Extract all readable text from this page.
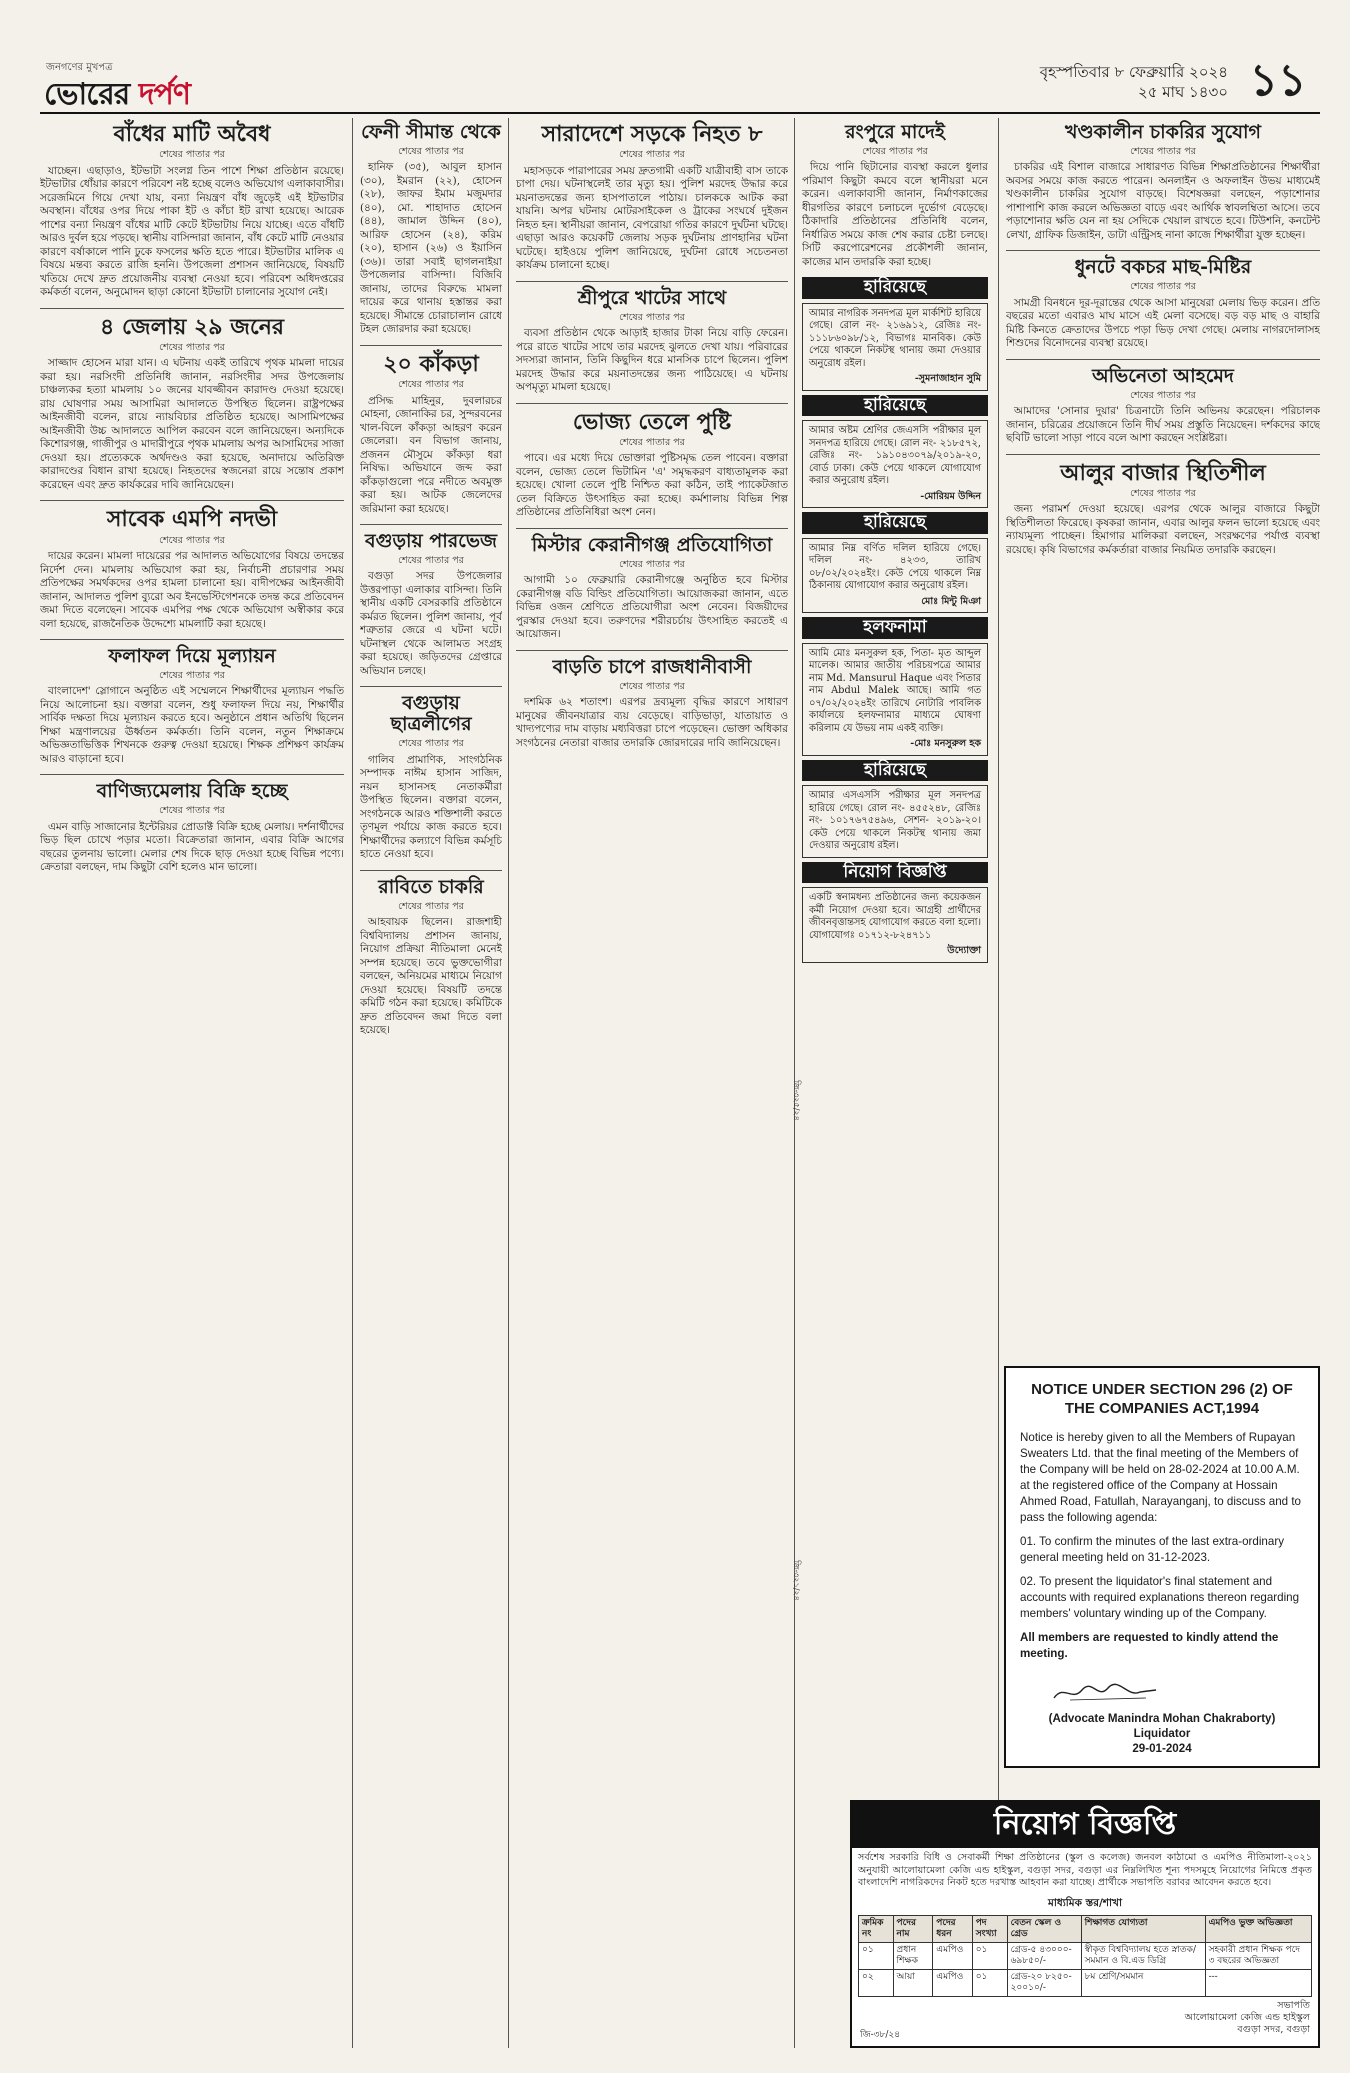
জনগণের মুখপত্র
ভোরের দর্পণ
বৃহস্পতিবার ৮ ফেব্রুয়ারি ২০২৪
২৫ মাঘ ১৪৩০ ১১
বাঁধের মাটি অবৈধ
শেষের পাতার পর

যাচ্ছেন। এছাড়াও, ইটভাটা সংলগ্ন তিন পাশে শিক্ষা প্রতিষ্ঠান রয়েছে। ইটভাটার ধোঁয়ার কারণে পরিবেশ নষ্ট হচ্ছে বলেও অভিযোগ এলাকাবাসীর। সরেজমিনে গিয়ে দেখা যায়, বন্যা নিয়ন্ত্রণ বাঁধ জুড়েই এই ইটভাটার অবস্থান। বাঁধের ওপর দিয়ে পাকা ইট ও কাঁচা ইট রাখা হয়েছে। আরেক পাশের বন্যা নিয়ন্ত্রণ বাঁধের মাটি কেটে ইটভাটায় নিয়ে যাচ্ছে। এতে বাঁধটি আরও দুর্বল হয়ে পড়ছে। স্থানীয় বাসিন্দারা জানান, বাঁধ কেটে মাটি নেওয়ার কারণে বর্ষাকালে পানি ঢুকে ফসলের ক্ষতি হতে পারে। ইটভাটার মালিক এ বিষয়ে মন্তব্য করতে রাজি হননি। উপজেলা প্রশাসন জানিয়েছে, বিষয়টি খতিয়ে দেখে দ্রুত প্রয়োজনীয় ব্যবস্থা নেওয়া হবে। পরিবেশ অধিদপ্তরের কর্মকর্তা বলেন, অনুমোদন ছাড়া কোনো ইটভাটা চালানোর সুযোগ নেই।

৪ জেলায় ২৯ জনের
শেষের পাতার পর

সাজ্জাদ হোসেন মারা যান। এ ঘটনায় একই তারিখে পৃথক মামলা দায়ের করা হয়। নরসিংদী প্রতিনিধি জানান, নরসিংদীর সদর উপজেলায় চাঞ্চল্যকর হত্যা মামলায় ১০ জনের যাবজ্জীবন কারাদণ্ড দেওয়া হয়েছে। রায় ঘোষণার সময় আসামিরা আদালতে উপস্থিত ছিলেন। রাষ্ট্রপক্ষের আইনজীবী বলেন, রায়ে ন্যায়বিচার প্রতিষ্ঠিত হয়েছে। আসামিপক্ষের আইনজীবী উচ্চ আদালতে আপিল করবেন বলে জানিয়েছেন। অন্যদিকে কিশোরগঞ্জ, গাজীপুর ও মাদারীপুরে পৃথক মামলায় অপর আসামিদের সাজা দেওয়া হয়। প্রত্যেককে অর্থদণ্ডও করা হয়েছে, অনাদায়ে অতিরিক্ত কারাদণ্ডের বিধান রাখা হয়েছে। নিহতদের স্বজনেরা রায়ে সন্তোষ প্রকাশ করেছেন এবং দ্রুত কার্যকরের দাবি জানিয়েছেন।

সাবেক এমপি নদভী
শেষের পাতার পর

দায়ের করেন। মামলা দায়েরের পর আদালত অভিযোগের বিষয়ে তদন্তের নির্দেশ দেন। মামলায় অভিযোগ করা হয়, নির্বাচনী প্রচারণার সময় প্রতিপক্ষের সমর্থকদের ওপর হামলা চালানো হয়। বাদীপক্ষের আইনজীবী জানান, আদালত পুলিশ ব্যুরো অব ইনভেস্টিগেশনকে তদন্ত করে প্রতিবেদন জমা দিতে বলেছেন। সাবেক এমপির পক্ষ থেকে অভিযোগ অস্বীকার করে বলা হয়েছে, রাজনৈতিক উদ্দেশ্যে মামলাটি করা হয়েছে।

ফলাফল দিয়ে মূল্যায়ন
শেষের পাতার পর

বাংলাদেশ' স্লোগানে অনুষ্ঠিত এই সম্মেলনে শিক্ষার্থীদের মূল্যায়ন পদ্ধতি নিয়ে আলোচনা হয়। বক্তারা বলেন, শুধু ফলাফল দিয়ে নয়, শিক্ষার্থীর সার্বিক দক্ষতা দিয়ে মূল্যায়ন করতে হবে। অনুষ্ঠানে প্রধান অতিথি ছিলেন শিক্ষা মন্ত্রণালয়ের ঊর্ধ্বতন কর্মকর্তা। তিনি বলেন, নতুন শিক্ষাক্রমে অভিজ্ঞতাভিত্তিক শিখনকে গুরুত্ব দেওয়া হয়েছে। শিক্ষক প্রশিক্ষণ কার্যক্রম আরও বাড়ানো হবে।

বাণিজ্যমেলায় বিক্রি হচ্ছে
শেষের পাতার পর

এমন বাড়ি সাজানোর ইন্টেরিয়র প্রোডাক্ট বিক্রি হচ্ছে মেলায়। দর্শনার্থীদের ভিড় ছিল চোখে পড়ার মতো। বিক্রেতারা জানান, এবার বিক্রি আগের বছরের তুলনায় ভালো। মেলার শেষ দিকে ছাড় দেওয়া হচ্ছে বিভিন্ন পণ্যে। ক্রেতারা বলছেন, দাম কিছুটা বেশি হলেও মান ভালো।

ফেনী সীমান্ত থেকে
শেষের পাতার পর

হানিফ (৩৫), আবুল হাসান (৩০), ইমরান (২২), হোসেন (২৮), জাফর ইমাম মজুমদার (৪০), মো. শাহাদাত হোসেন (৪৪), জামাল উদ্দিন (৪০), আরিফ হোসেন (২৪), করিম (২০), হাসান (২৬) ও ইয়াসিন (৩৬)। তারা সবাই ছাগলনাইয়া উপজেলার বাসিন্দা। বিজিবি জানায়, তাদের বিরুদ্ধে মামলা দায়ের করে থানায় হস্তান্তর করা হয়েছে। সীমান্তে চোরাচালান রোধে টহল জোরদার করা হয়েছে।

২০ কাঁকড়া
শেষের পাতার পর

প্রসিদ্ধ মাহিনুর, দুবলারচর মোহনা, জোনাকির চর, সুন্দরবনের খাল-বিলে কাঁকড়া আহরণ করেন জেলেরা। বন বিভাগ জানায়, প্রজনন মৌসুমে কাঁকড়া ধরা নিষিদ্ধ। অভিযানে জব্দ করা কাঁকড়াগুলো পরে নদীতে অবমুক্ত করা হয়। আটক জেলেদের জরিমানা করা হয়েছে।

বগুড়ায় পারভেজ
শেষের পাতার পর

বগুড়া সদর উপজেলার উত্তরপাড়া এলাকার বাসিন্দা। তিনি স্থানীয় একটি বেসরকারি প্রতিষ্ঠানে কর্মরত ছিলেন। পুলিশ জানায়, পূর্ব শত্রুতার জেরে এ ঘটনা ঘটে। ঘটনাস্থল থেকে আলামত সংগ্রহ করা হয়েছে। জড়িতদের গ্রেপ্তারে অভিযান চলছে।

বগুড়ায় ছাত্রলীগের
শেষের পাতার পর

গালিব প্রামাণিক, সাংগঠনিক সম্পাদক নাঈম হাসান সাজিদ, নয়ন হাসানসহ নেতাকর্মীরা উপস্থিত ছিলেন। বক্তারা বলেন, সংগঠনকে আরও শক্তিশালী করতে তৃণমূল পর্যায়ে কাজ করতে হবে। শিক্ষার্থীদের কল্যাণে বিভিন্ন কর্মসূচি হাতে নেওয়া হবে।

রাবিতে চাকরি
শেষের পাতার পর

আহবায়ক ছিলেন। রাজশাহী বিশ্ববিদ্যালয় প্রশাসন জানায়, নিয়োগ প্রক্রিয়া নীতিমালা মেনেই সম্পন্ন হয়েছে। তবে ভুক্তভোগীরা বলছেন, অনিয়মের মাধ্যমে নিয়োগ দেওয়া হয়েছে। বিষয়টি তদন্তে কমিটি গঠন করা হয়েছে। কমিটিকে দ্রুত প্রতিবেদন জমা দিতে বলা হয়েছে।

সারাদেশে সড়কে নিহত ৮
শেষের পাতার পর

মহাসড়কে পারাপারের সময় দ্রুতগামী একটি যাত্রীবাহী বাস তাকে চাপা দেয়। ঘটনাস্থলেই তার মৃত্যু হয়। পুলিশ মরদেহ উদ্ধার করে ময়নাতদন্তের জন্য হাসপাতালে পাঠায়। চালককে আটক করা যায়নি। অপর ঘটনায় মোটরসাইকেল ও ট্রাকের সংঘর্ষে দুইজন নিহত হন। স্থানীয়রা জানান, বেপরোয়া গতির কারণে দুর্ঘটনা ঘটছে। এছাড়া আরও কয়েকটি জেলায় সড়ক দুর্ঘটনায় প্রাণহানির ঘটনা ঘটেছে। হাইওয়ে পুলিশ জানিয়েছে, দুর্ঘটনা রোধে সচেতনতা কার্যক্রম চালানো হচ্ছে।

শ্রীপুরে খাটের সাথে
শেষের পাতার পর

ব্যবসা প্রতিষ্ঠান থেকে আড়াই হাজার টাকা নিয়ে বাড়ি ফেরেন। পরে রাতে খাটের সাথে তার মরদেহ ঝুলতে দেখা যায়। পরিবারের সদস্যরা জানান, তিনি কিছুদিন ধরে মানসিক চাপে ছিলেন। পুলিশ মরদেহ উদ্ধার করে ময়নাতদন্তের জন্য পাঠিয়েছে। এ ঘটনায় অপমৃত্যু মামলা হয়েছে।

ভোজ্য তেলে পুষ্টি
শেষের পাতার পর

পাবে। এর মধ্যে দিয়ে ভোক্তারা পুষ্টিসমৃদ্ধ তেল পাবেন। বক্তারা বলেন, ভোজ্য তেলে ভিটামিন 'এ' সমৃদ্ধকরণ বাধ্যতামূলক করা হয়েছে। খোলা তেলে পুষ্টি নিশ্চিত করা কঠিন, তাই প্যাকেটজাত তেল বিক্রিতে উৎসাহিত করা হচ্ছে। কর্মশালায় বিভিন্ন শিল্প প্রতিষ্ঠানের প্রতিনিধিরা অংশ নেন।

মিস্টার কেরানীগঞ্জ প্রতিযোগিতা
শেষের পাতার পর

আগামী ১০ ফেব্রুয়ারি কেরানীগঞ্জে অনুষ্ঠিত হবে মিস্টার কেরানীগঞ্জ বডি বিল্ডিং প্রতিযোগিতা। আয়োজকরা জানান, এতে বিভিন্ন ওজন শ্রেণিতে প্রতিযোগীরা অংশ নেবেন। বিজয়ীদের পুরস্কার দেওয়া হবে। তরুণদের শরীরচর্চায় উৎসাহিত করতেই এ আয়োজন।

বাড়তি চাপে রাজধানীবাসী
শেষের পাতার পর

দশমিক ৬২ শতাংশ। এরপর দ্রব্যমূল্য বৃদ্ধির কারণে সাধারণ মানুষের জীবনযাত্রার ব্যয় বেড়েছে। বাড়িভাড়া, যাতায়াত ও খাদ্যপণ্যের দাম বাড়ায় মধ্যবিত্তরা চাপে পড়েছেন। ভোক্তা অধিকার সংগঠনের নেতারা বাজার তদারকি জোরদারের দাবি জানিয়েছেন।

রংপুরে মাদেই
শেষের পাতার পর

দিয়ে পানি ছিটানোর ব্যবস্থা করলে ধুলার পরিমাণ কিছুটা কমবে বলে স্থানীয়রা মনে করেন। এলাকাবাসী জানান, নির্মাণকাজের ধীরগতির কারণে চলাচলে দুর্ভোগ বেড়েছে। ঠিকাদারি প্রতিষ্ঠানের প্রতিনিধি বলেন, নির্ধারিত সময়ে কাজ শেষ করার চেষ্টা চলছে। সিটি করপোরেশনের প্রকৌশলী জানান, কাজের মান তদারকি করা হচ্ছে।

হারিয়েছে
আমার নাগরিক সনদপত্র মূল মার্কশিট হারিয়ে গেছে। রোল নং- ২১৬৯১২, রেজিঃ নং- ১১১৮৬০৯৮/১২, বিভাগঃ মানবিক। কেউ পেয়ে থাকলে নিকটস্থ থানায় জমা দেওয়ার অনুরোধ রইল।
-সুমনাজাহান সুমি
হারিয়েছে
আমার অষ্টম শ্রেণির জেএসসি পরীক্ষার মূল সনদপত্র হারিয়ে গেছে। রোল নং- ২১৮৫৭২, রেজিঃ নং- ১৯১০৪৩০৭৯/২০১৯-২০, বোর্ড ঢাকা। কেউ পেয়ে থাকলে যোগাযোগ করার অনুরোধ রইল।
-মোরিয়ম উদ্দিন
হারিয়েছে
আমার নিম্ন বর্ণিত দলিল হারিয়ে গেছে। দলিল নং- ৪২৩৩, তারিখ ০৮/০২/২০২৪ইং। কেউ পেয়ে থাকলে নিম্ন ঠিকানায় যোগাযোগ করার অনুরোধ রইল।
মোঃ মিন্টু মিঞা
হলফনামা
আমি মোঃ মনসুরুল হক, পিতা- মৃত আব্দুল মালেক। আমার জাতীয় পরিচয়পত্রে আমার নাম Md. Mansurul Haque এবং পিতার নাম Abdul Malek আছে। আমি গত ০৭/০২/২০২৪ইং তারিখে নোটারি পাবলিক কার্যালয়ে হলফনামার মাধ্যমে ঘোষণা করিলাম যে উভয় নাম একই ব্যক্তি।
-মোঃ মনসুরুল হক
হারিয়েছে
আমার এসএসসি পরীক্ষার মূল সনদপত্র হারিয়ে গেছে। রোল নং- ৪৫৫২৪৮, রেজিঃ নং- ১০১৭৬৭৫৪৯৬, সেশন- ২০১৯-২০। কেউ পেয়ে থাকলে নিকটস্থ থানায় জমা দেওয়ার অনুরোধ রইল।
নিয়োগ বিজ্ঞপ্তি
একটি স্বনামধন্য প্রতিষ্ঠানের জন্য কয়েকজন কর্মী নিয়োগ দেওয়া হবে। আগ্রহী প্রার্থীদের জীবনবৃত্তান্তসহ যোগাযোগ করতে বলা হলো। যোগাযোগঃ ০১৭১২-৮২৪৭১১
উদ্যোক্তা
জি-৩২৫/২৪
জি-৩২১/২৪
খণ্ডকালীন চাকরির সুযোগ
শেষের পাতার পর

চাকরির এই বিশাল বাজারে সাধারণত বিভিন্ন শিক্ষাপ্রতিষ্ঠানের শিক্ষার্থীরা অবসর সময়ে কাজ করতে পারেন। অনলাইন ও অফলাইন উভয় মাধ্যমেই খণ্ডকালীন চাকরির সুযোগ বাড়ছে। বিশেষজ্ঞরা বলছেন, পড়াশোনার পাশাপাশি কাজ করলে অভিজ্ঞতা বাড়ে এবং আর্থিক স্বাবলম্বিতা আসে। তবে পড়াশোনার ক্ষতি যেন না হয় সেদিকে খেয়াল রাখতে হবে। টিউশনি, কনটেন্ট লেখা, গ্রাফিক ডিজাইন, ডাটা এন্ট্রিসহ নানা কাজে শিক্ষার্থীরা যুক্ত হচ্ছেন।

ধুনটে বকচর মাছ-মিষ্টির
শেষের পাতার পর

সামগ্রী বিনধনে দূর-দূরান্তের থেকে আসা মানুষেরা মেলায় ভিড় করেন। প্রতি বছরের মতো এবারও মাঘ মাসে এই মেলা বসেছে। বড় বড় মাছ ও বাহারি মিষ্টি কিনতে ক্রেতাদের উপচে পড়া ভিড় দেখা গেছে। মেলায় নাগরদোলাসহ শিশুদের বিনোদনের ব্যবস্থা রয়েছে।

অভিনেতা আহমেদ
শেষের পাতার পর

আমাদের 'সোনার দুয়ার' চিত্রনাট্যে তিনি অভিনয় করেছেন। পরিচালক জানান, চরিত্রের প্রয়োজনে তিনি দীর্ঘ সময় প্রস্তুতি নিয়েছেন। দর্শকদের কাছে ছবিটি ভালো সাড়া পাবে বলে আশা করছেন সংশ্লিষ্টরা।

আলুর বাজার স্থিতিশীল
শেষের পাতার পর

জন্য পরামর্শ দেওয়া হয়েছে। এরপর থেকে আলুর বাজারে কিছুটা স্থিতিশীলতা ফিরেছে। কৃষকরা জানান, এবার আলুর ফলন ভালো হয়েছে এবং ন্যায্যমূল্য পাচ্ছেন। হিমাগার মালিকরা বলছেন, সংরক্ষণের পর্যাপ্ত ব্যবস্থা রয়েছে। কৃষি বিভাগের কর্মকর্তারা বাজার নিয়মিত তদারকি করছেন।

NOTICE UNDER SECTION 296 (2) OF THE COMPANIES ACT,1994

Notice is hereby given to all the Members of Rupayan Sweaters Ltd. that the final meeting of the Members of the Company will be held on 28-02-2024 at 10.00 A.M. at the registered office of the Company at Hossain Ahmed Road, Fatullah, Narayanganj, to discuss and to pass the following agenda:

01. To confirm the minutes of the last extra-ordinary general meeting held on 31-12-2023.

02. To present the liquidator's final statement and accounts with required explanations thereon regarding members' voluntary winding up of the Company.

All members are requested to kindly attend the meeting.

(Advocate Manindra Mohan Chakraborty)
Liquidator
29-01-2024
নিয়োগ বিজ্ঞপ্তি
সর্বশেষ সরকারি বিধি ও সেবাকর্মী শিক্ষা প্রতিষ্ঠানের (স্কুল ও কলেজ) জনবল কাঠামো ও এমপিও নীতিমালা-২০২১ অনুযায়ী আলোয়ামেলা কেজি এন্ড হাইস্কুল, বগুড়া সদর, বগুড়া এর নিম্নলিখিত শূন্য পদসমূহে নিয়োগের নিমিত্তে প্রকৃত বাংলাদেশি নাগরিকদের নিকট হতে দরখাস্ত আহবান করা যাচ্ছে। প্রার্থীকে সভাপতি বরাবর আবেদন করতে হবে।
মাধ্যমিক স্তর/শাখা
ক্রমিক নং	পদের নাম	পদের ধরন	পদ সংখ্যা	বেতন স্কেল ও গ্রেড	শিক্ষাগত যোগ্যতা	এমপিও ভুক্ত অভিজ্ঞতা
০১	প্রধান শিক্ষক	এমপিও	০১	গ্রেড-৫ ৪৩০০০- ৬৯৮৫০/-	স্বীকৃত বিশ্ববিদ্যালয় হতে স্নাতক/সমমান ও বি.এড ডিগ্রি	সহকারী প্রধান শিক্ষক পদে ৩ বছরের অভিজ্ঞতা
০২	আয়া	এমপিও	০১	গ্রেড-২০ ৮২৫০- ২০০১০/-	৮ম শ্রেণি/সমমান	---
সভাপতি
আলোয়ামেলা কেজি এন্ড হাইস্কুল
বগুড়া সদর, বগুড়া
জি-৩৮/২৪
